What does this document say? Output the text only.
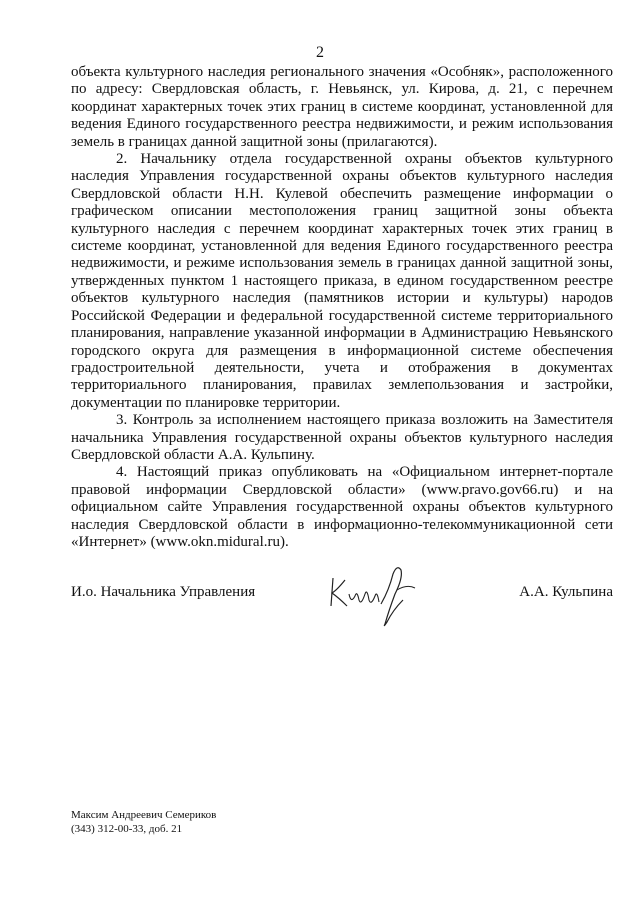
2

объекта культурного наследия регионального значения «Особняк», расположенного по адресу: Свердловская область, г. Невьянск, ул. Кирова, д. 21, с перечнем координат характерных точек этих границ в системе координат, установленной для ведения Единого государственного реестра недвижимости, и режим использования земель в границах данной защитной зоны (прилагаются).

2. Начальнику отдела государственной охраны объектов культурного наследия Управления государственной охраны объектов культурного наследия Свердловской области Н.Н. Кулевой обеспечить размещение информации о графическом описании местоположения границ защитной зоны объекта культурного наследия с перечнем координат характерных точек этих границ в системе координат, установленной для ведения Единого государственного реестра недвижимости, и режиме использования земель в границах данной защитной зоны, утвержденных пунктом 1 настоящего приказа, в едином государственном реестре объектов культурного наследия (памятников истории и культуры) народов Российской Федерации и федеральной государственной системе территориального планирования, направление указанной информации в Администрацию Невьянского городского округа для размещения в информационной системе обеспечения градостроительной деятельности, учета и отображения в документах территориального планирования, правилах землепользования и застройки, документации по планировке территории.

3. Контроль за исполнением настоящего приказа возложить на Заместителя начальника Управления государственной охраны объектов культурного наследия Свердловской области А.А. Кульпину.

4. Настоящий приказ опубликовать на «Официальном интернет-портале правовой информации Свердловской области» (www.pravo.gov66.ru) и на официальном сайте Управления государственной охраны объектов культурного наследия Свердловской области в информационно-телекоммуникационной сети «Интернет» (www.okn.midural.ru).

И.о. Начальника Управления	А.А. Кульпина
Максим Андреевич Семериков
(343) 312-00-33, доб. 21
